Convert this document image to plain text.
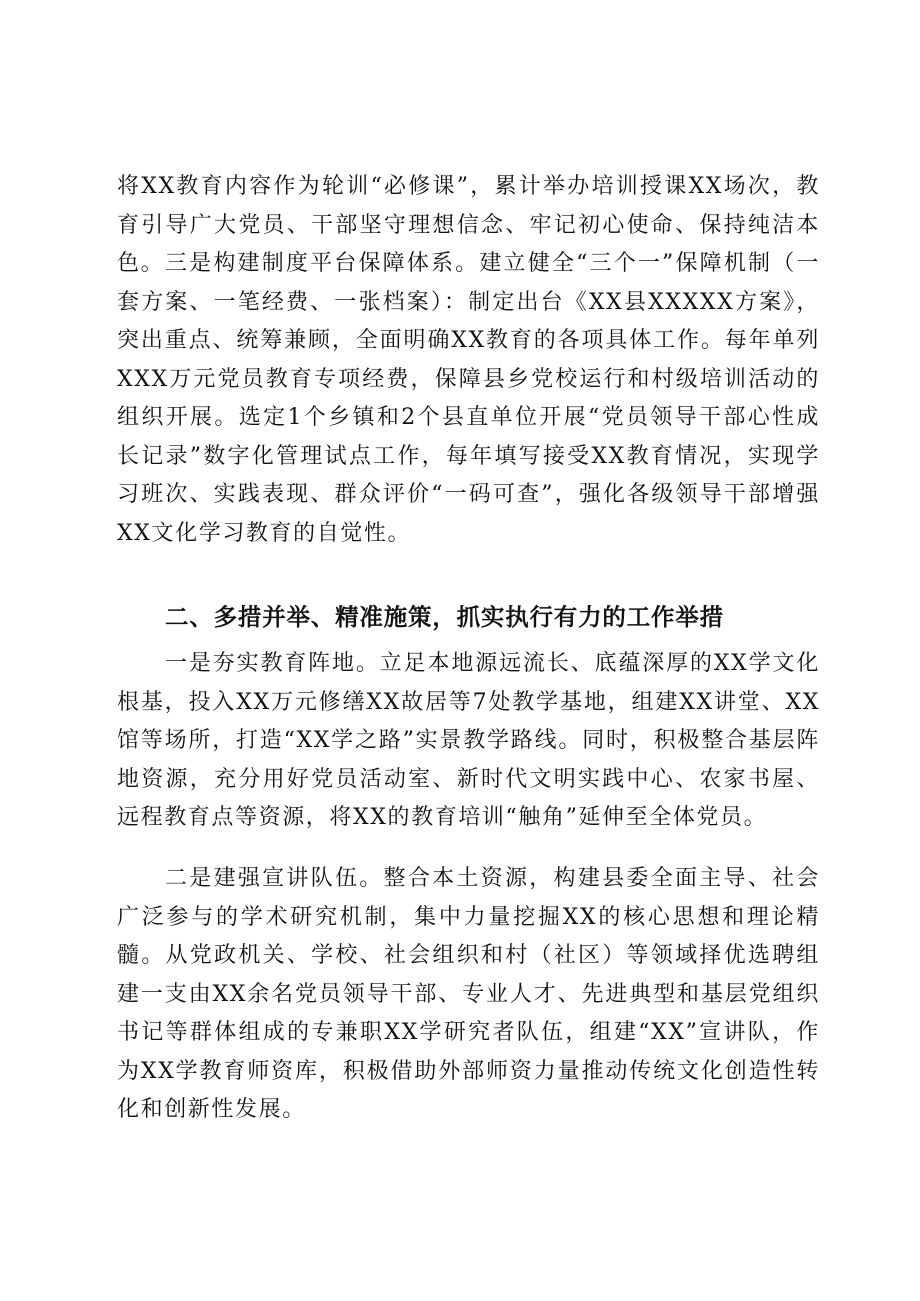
将XX教育内容作为轮训“必修课”，累计举办培训授课XX场次，教育引导广大党员、干部坚守理想信念、牢记初心使命、保持纯洁本色。 三是构建制度平台保障体系。建立健全“三个一”保障机制（一套方案、一笔经费、一张档案）：制定出台《XX县XXXXX方案》，突出重点、统筹兼顾，全面明确XX教育的各项具体工作。每年单列XXX万元党员教育专项经费，保障县乡党校运行和村级培训活动的组织开展。选定1个乡镇和2个县直单位开展“党员领导干部心性成长记录”数字化管理试点工作，每年填写接受XX教育情况，实现学习班次、实践表现、群众评价“一码可查”，强化各级领导干部增强XX文化学习教育的自觉性。

二、多措并举、精准施策，抓实执行有力的工作举措

一是夯实教育阵地。立足本地源远流长、底蕴深厚的XX学文化根基，投入XX万元修缮XX故居等7处教学基地，组建XX讲堂、XX馆等场所，打造“XX学之路”实景教学路线。同时，积极整合基层阵地资源，充分用好党员活动室、新时代文明实践中心、农家书屋、远程教育点等资源，将XX的教育培训“触角”延伸至全体党员。

二是建强宣讲队伍。整合本土资源，构建县委全面主导、社会广泛参与的学术研究机制，集中力量挖掘XX的核心思想和理论精髓。从党政机关、学校、社会组织和村（社区）等领域择优选聘组建一支由XX余名党员领导干部、专业人才、先进典型和基层党组织书记等群体组成的专兼职XX学研究者队伍，组建“XX”宣讲队，作为XX学教育师资库，积极借助外部师资力量推动传统文化创造性转化和创新性发展。
